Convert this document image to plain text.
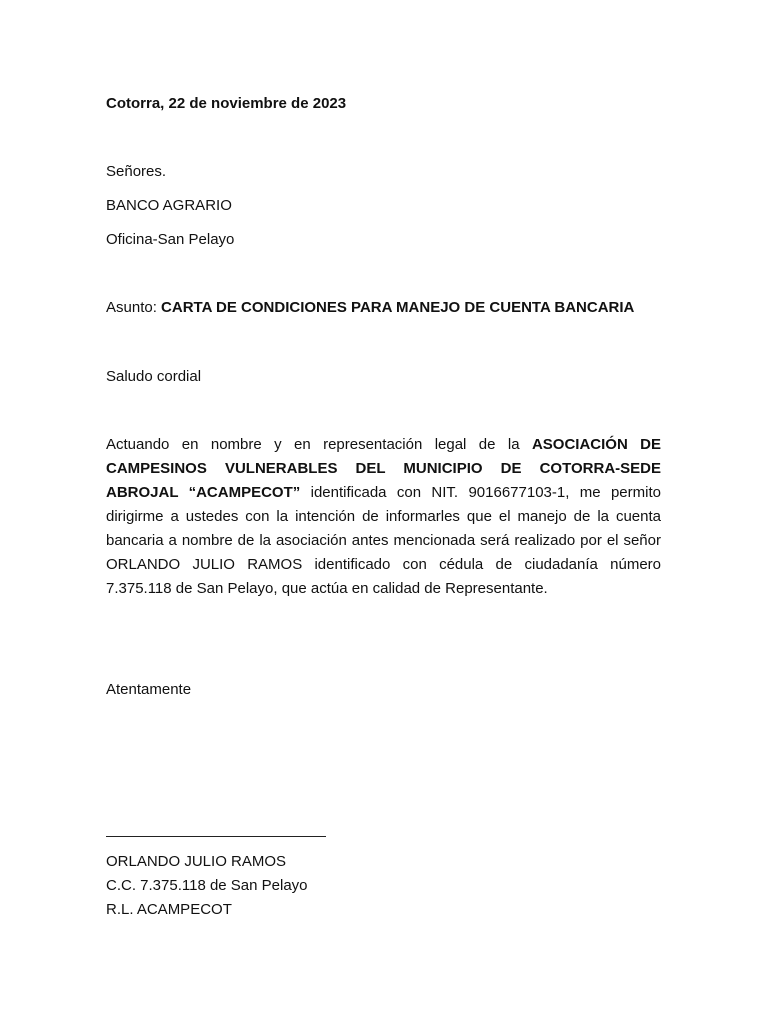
Cotorra, 22 de noviembre de 2023
Señores.
BANCO AGRARIO
Oficina-San Pelayo
Asunto: CARTA DE CONDICIONES PARA MANEJO DE CUENTA BANCARIA
Saludo cordial
Actuando en nombre y en representación legal de la ASOCIACIÓN DE CAMPESINOS VULNERABLES DEL MUNICIPIO DE COTORRA-SEDE ABROJAL “ACAMPECOT” identificada con NIT. 9016677103-1, me permito dirigirme a ustedes con la intención de informarles que el manejo de la cuenta bancaria a nombre de la asociación antes mencionada será realizado por el señor ORLANDO JULIO RAMOS identificado con cédula de ciudadanía número 7.375.118 de San Pelayo, que actúa en calidad de Representante.
Atentamente
ORLANDO JULIO RAMOS
C.C. 7.375.118 de San Pelayo
R.L. ACAMPECOT
